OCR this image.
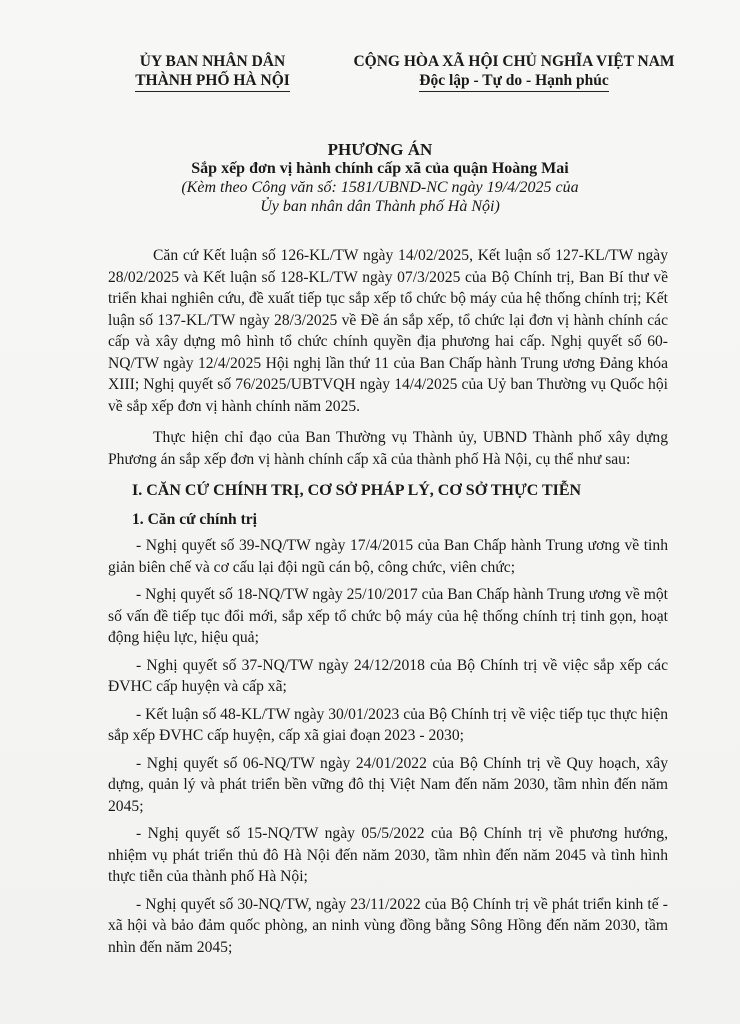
ỦY BAN NHÂN DÂN
THÀNH PHỐ HÀ NỘI
CỘNG HÒA XÃ HỘI CHỦ NGHĨA VIỆT NAM
Độc lập - Tự do - Hạnh phúc
PHƯƠNG ÁN
Sắp xếp đơn vị hành chính cấp xã của quận Hoàng Mai
(Kèm theo Công văn số: 1581/UBND-NC ngày 19/4/2025 của
Ủy ban nhân dân Thành phố Hà Nội)

Căn cứ Kết luận số 126-KL/TW ngày 14/02/2025, Kết luận số 127-KL/TW ngày 28/02/2025 và Kết luận số 128-KL/TW ngày 07/3/2025 của Bộ Chính trị, Ban Bí thư về triển khai nghiên cứu, đề xuất tiếp tục sắp xếp tổ chức bộ máy của hệ thống chính trị; Kết luận số 137-KL/TW ngày 28/3/2025 về Đề án sắp xếp, tổ chức lại đơn vị hành chính các cấp và xây dựng mô hình tổ chức chính quyền địa phương hai cấp. Nghị quyết số 60-NQ/TW ngày 12/4/2025 Hội nghị lần thứ 11 của Ban Chấp hành Trung ương Đảng khóa XIII; Nghị quyết số 76/2025/UBTVQH ngày 14/4/2025 của Uỷ ban Thường vụ Quốc hội về sắp xếp đơn vị hành chính năm 2025.

Thực hiện chỉ đạo của Ban Thường vụ Thành ủy, UBND Thành phố xây dựng Phương án sắp xếp đơn vị hành chính cấp xã của thành phố Hà Nội, cụ thể như sau:

I. CĂN CỨ CHÍNH TRỊ, CƠ SỞ PHÁP LÝ, CƠ SỞ THỰC TIỄN
1. Căn cứ chính trị

- Nghị quyết số 39-NQ/TW ngày 17/4/2015 của Ban Chấp hành Trung ương về tinh giản biên chế và cơ cấu lại đội ngũ cán bộ, công chức, viên chức;

- Nghị quyết số 18-NQ/TW ngày 25/10/2017 của Ban Chấp hành Trung ương về một số vấn đề tiếp tục đổi mới, sắp xếp tổ chức bộ máy của hệ thống chính trị tinh gọn, hoạt động hiệu lực, hiệu quả;

- Nghị quyết số 37-NQ/TW ngày 24/12/2018 của Bộ Chính trị về việc sắp xếp các ĐVHC cấp huyện và cấp xã;

- Kết luận số 48-KL/TW ngày 30/01/2023 của Bộ Chính trị về việc tiếp tục thực hiện sắp xếp ĐVHC cấp huyện, cấp xã giai đoạn 2023 - 2030;

- Nghị quyết số 06-NQ/TW ngày 24/01/2022 của Bộ Chính trị về Quy hoạch, xây dựng, quản lý và phát triển bền vững đô thị Việt Nam đến năm 2030, tầm nhìn đến năm 2045;

- Nghị quyết số 15-NQ/TW ngày 05/5/2022 của Bộ Chính trị về phương hướng, nhiệm vụ phát triển thủ đô Hà Nội đến năm 2030, tầm nhìn đến năm 2045 và tình hình thực tiễn của thành phố Hà Nội;

- Nghị quyết số 30-NQ/TW, ngày 23/11/2022 của Bộ Chính trị về phát triển kinh tế - xã hội và bảo đảm quốc phòng, an ninh vùng đồng bằng Sông Hồng đến năm 2030, tầm nhìn đến năm 2045;
